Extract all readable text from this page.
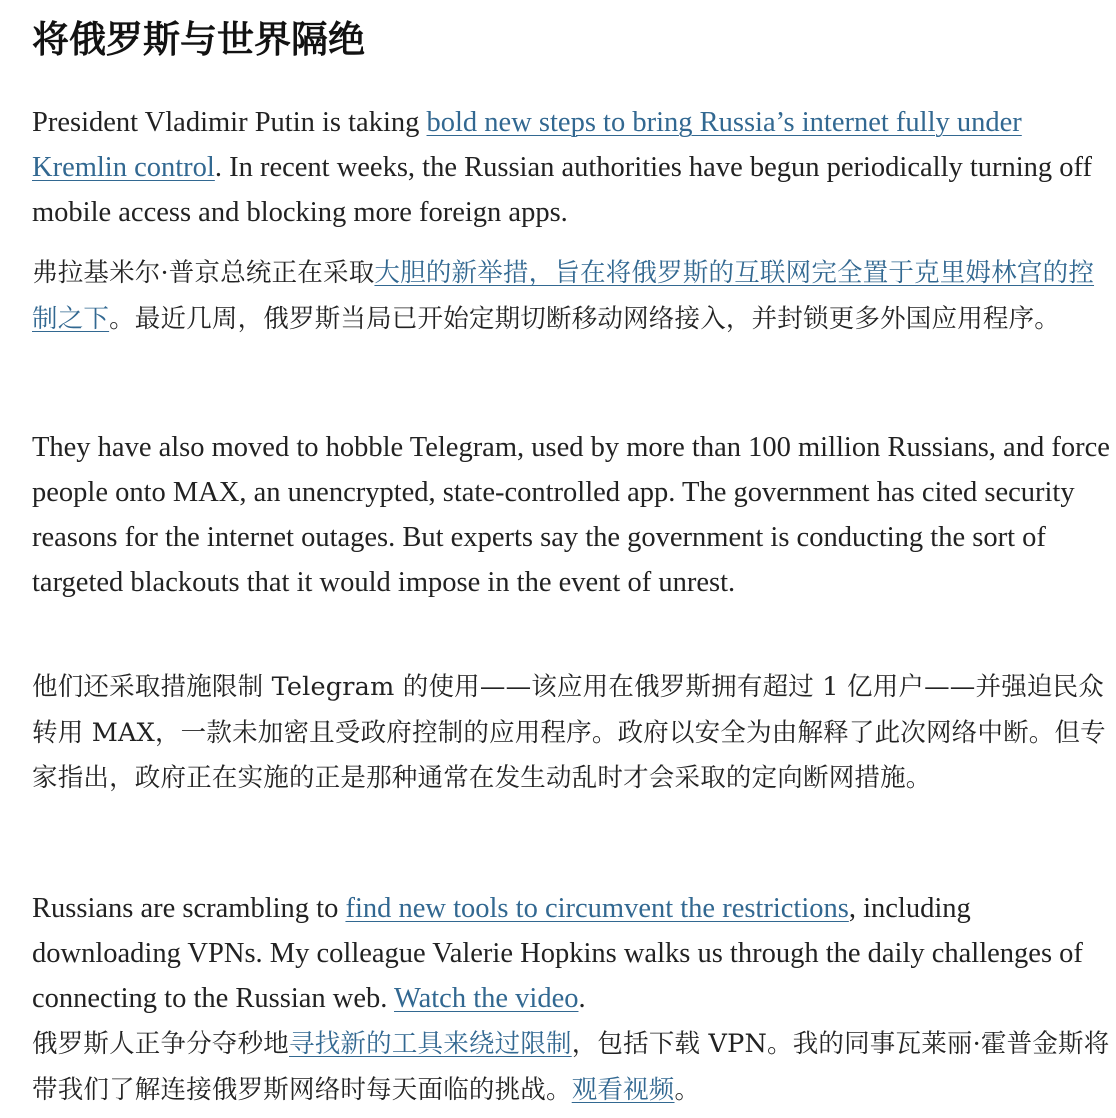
将俄罗斯与世界隔绝

President Vladimir Putin is taking bold new steps to bring Russia’s internet fully under Kremlin control. In recent weeks, the Russian authorities have begun periodically turning off mobile access and blocking more foreign apps.

弗拉基米尔·普京总统正在采取大胆的新举措，旨在将俄罗斯的互联网完全置于克里姆林宫的控制之下。最近几周，俄罗斯当局已开始定期切断移动网络接入，并封锁更多外国应用程序。

They have also moved to hobble Telegram, used by more than 100 million Russians, and force people onto MAX, an unencrypted, state-controlled app. The government has cited security reasons for the internet outages. But experts say the government is conducting the sort of targeted blackouts that it would impose in the event of unrest.

他们还采取措施限制 Telegram 的使用——该应用在俄罗斯拥有超过 1 亿用户——并强迫民众转用 MAX，一款未加密且受政府控制的应用程序。政府以安全为由解释了此次网络中断。但专家指出，政府正在实施的正是那种通常在发生动乱时才会采取的定向断网措施。

Russians are scrambling to find new tools to circumvent the restrictions, including downloading VPNs. My colleague Valerie Hopkins walks us through the daily challenges of connecting to the Russian web. Watch the video.

俄罗斯人正争分夺秒地寻找新的工具来绕过限制，包括下载 VPN。我的同事瓦莱丽·霍普金斯将带我们了解连接俄罗斯网络时每天面临的挑战。观看视频。
